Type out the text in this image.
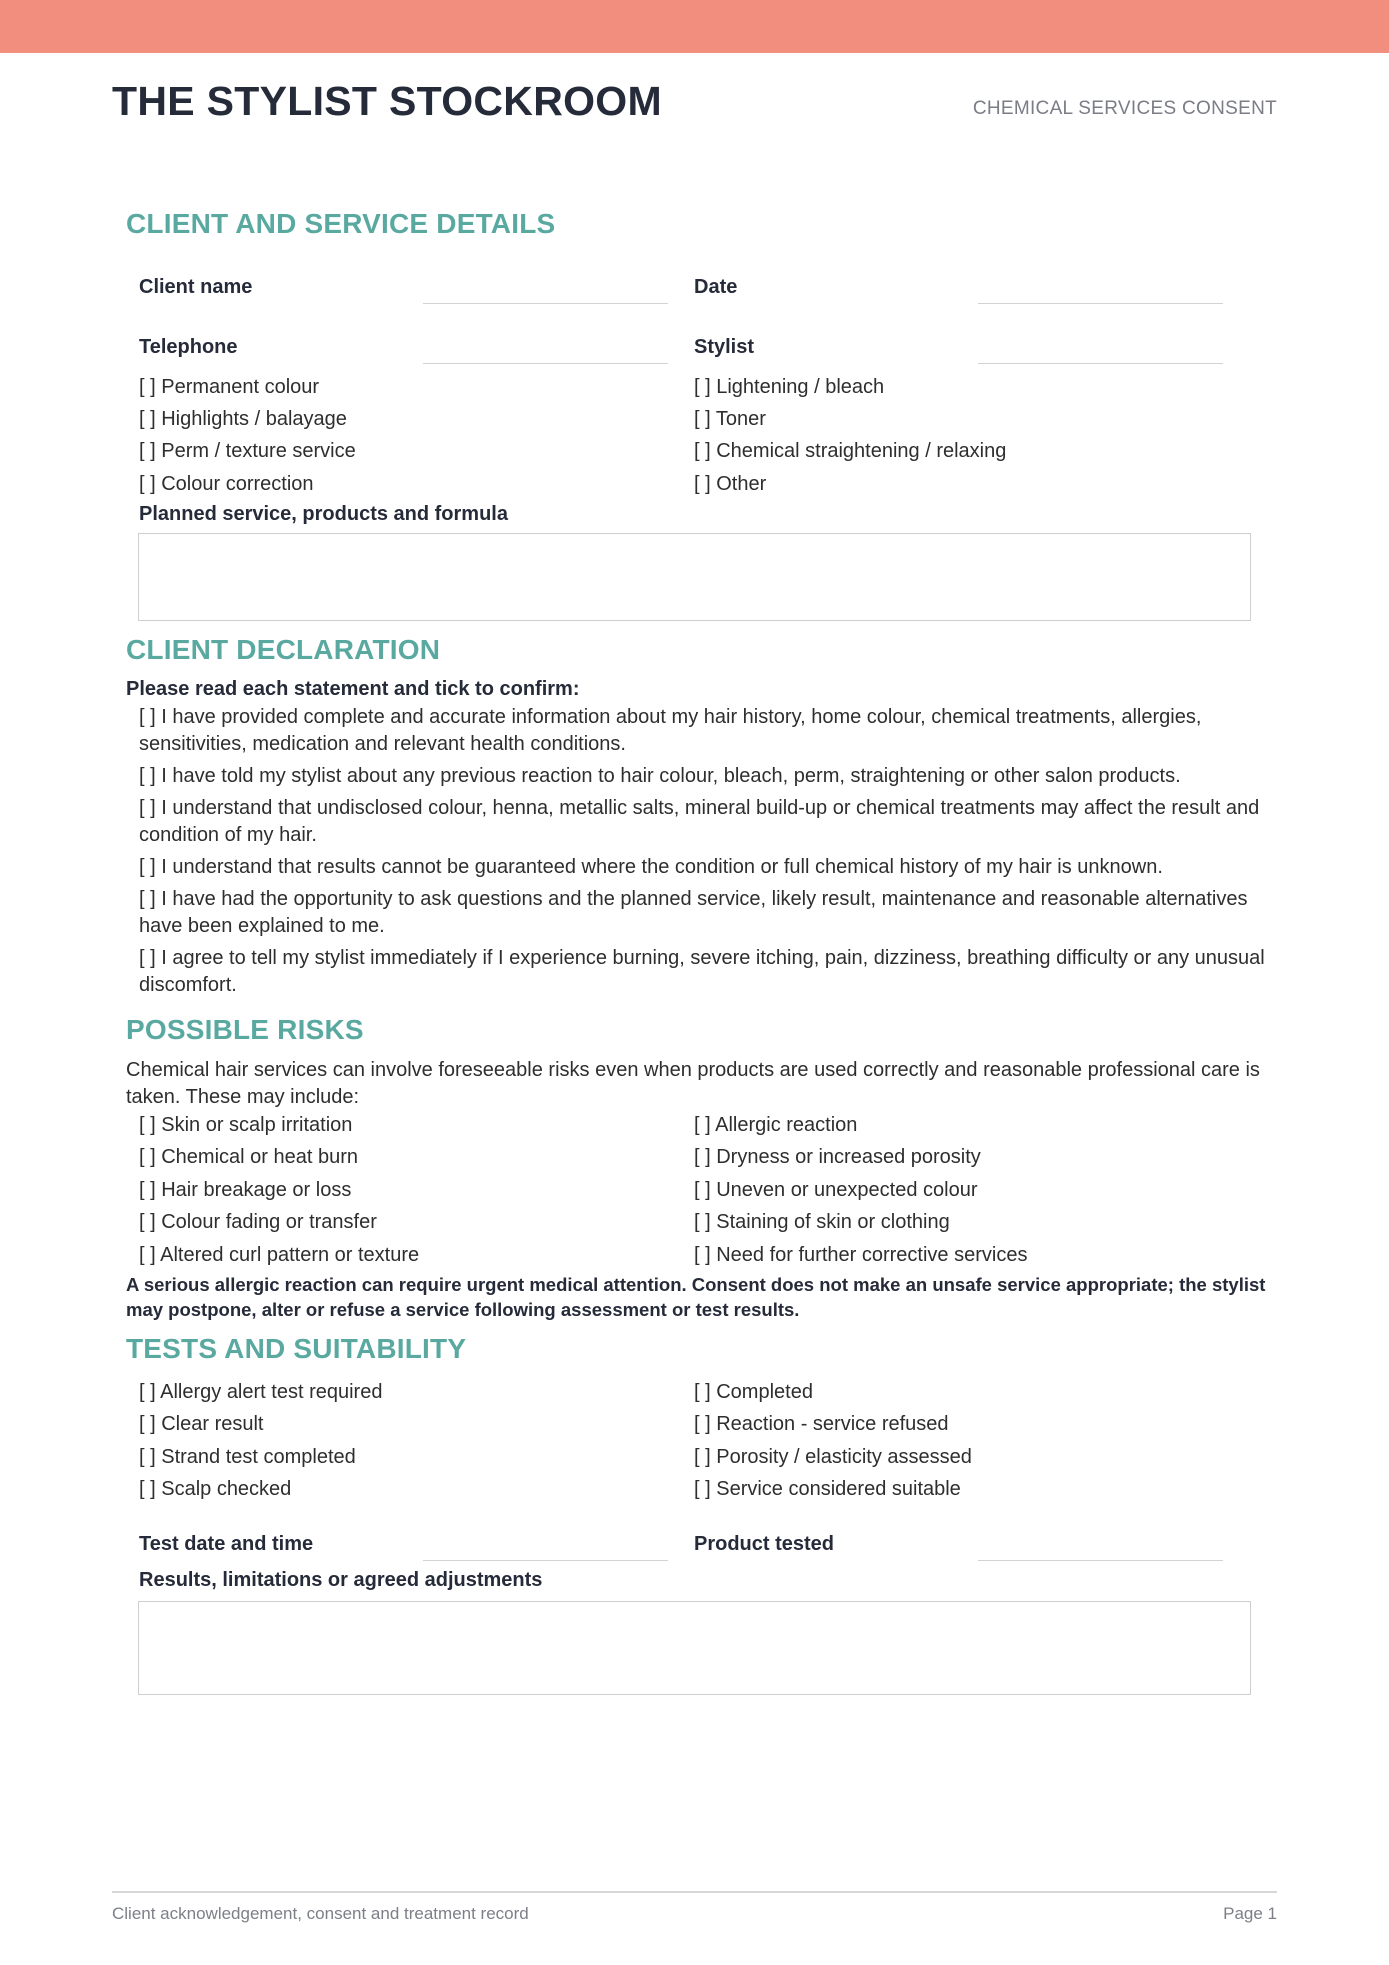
THE STYLIST STOCKROOM	CHEMICAL SERVICES CONSENT
CLIENT AND SERVICE DETAILS
Client name	Date
Telephone	Stylist
[ ] Permanent colour	[ ] Lightening / bleach
[ ] Highlights / balayage	[ ] Toner
[ ] Perm / texture service	[ ] Chemical straightening / relaxing
[ ] Colour correction	[ ] Other
Planned service, products and formula
CLIENT DECLARATION
Please read each statement and tick to confirm:
[ ] I have provided complete and accurate information about my hair history, home colour, chemical treatments, allergies, sensitivities, medication and relevant health conditions.
[ ] I have told my stylist about any previous reaction to hair colour, bleach, perm, straightening or other salon products.
[ ] I understand that undisclosed colour, henna, metallic salts, mineral build-up or chemical treatments may affect the result and condition of my hair.
[ ] I understand that results cannot be guaranteed where the condition or full chemical history of my hair is unknown.
[ ] I have had the opportunity to ask questions and the planned service, likely result, maintenance and reasonable alternatives have been explained to me.
[ ] I agree to tell my stylist immediately if I experience burning, severe itching, pain, dizziness, breathing difficulty or any unusual discomfort.
POSSIBLE RISKS
Chemical hair services can involve foreseeable risks even when products are used correctly and reasonable professional care is taken. These may include:
[ ] Skin or scalp irritation	[ ] Allergic reaction
[ ] Chemical or heat burn	[ ] Dryness or increased porosity
[ ] Hair breakage or loss	[ ] Uneven or unexpected colour
[ ] Colour fading or transfer	[ ] Staining of skin or clothing
[ ] Altered curl pattern or texture	[ ] Need for further corrective services
A serious allergic reaction can require urgent medical attention. Consent does not make an unsafe service appropriate; the stylist may postpone, alter or refuse a service following assessment or test results.
TESTS AND SUITABILITY
[ ] Allergy alert test required	[ ] Completed
[ ] Clear result	[ ] Reaction - service refused
[ ] Strand test completed	[ ] Porosity / elasticity assessed
[ ] Scalp checked	[ ] Service considered suitable
Test date and time	Product tested
Results, limitations or agreed adjustments
Client acknowledgement, consent and treatment record	Page 1
